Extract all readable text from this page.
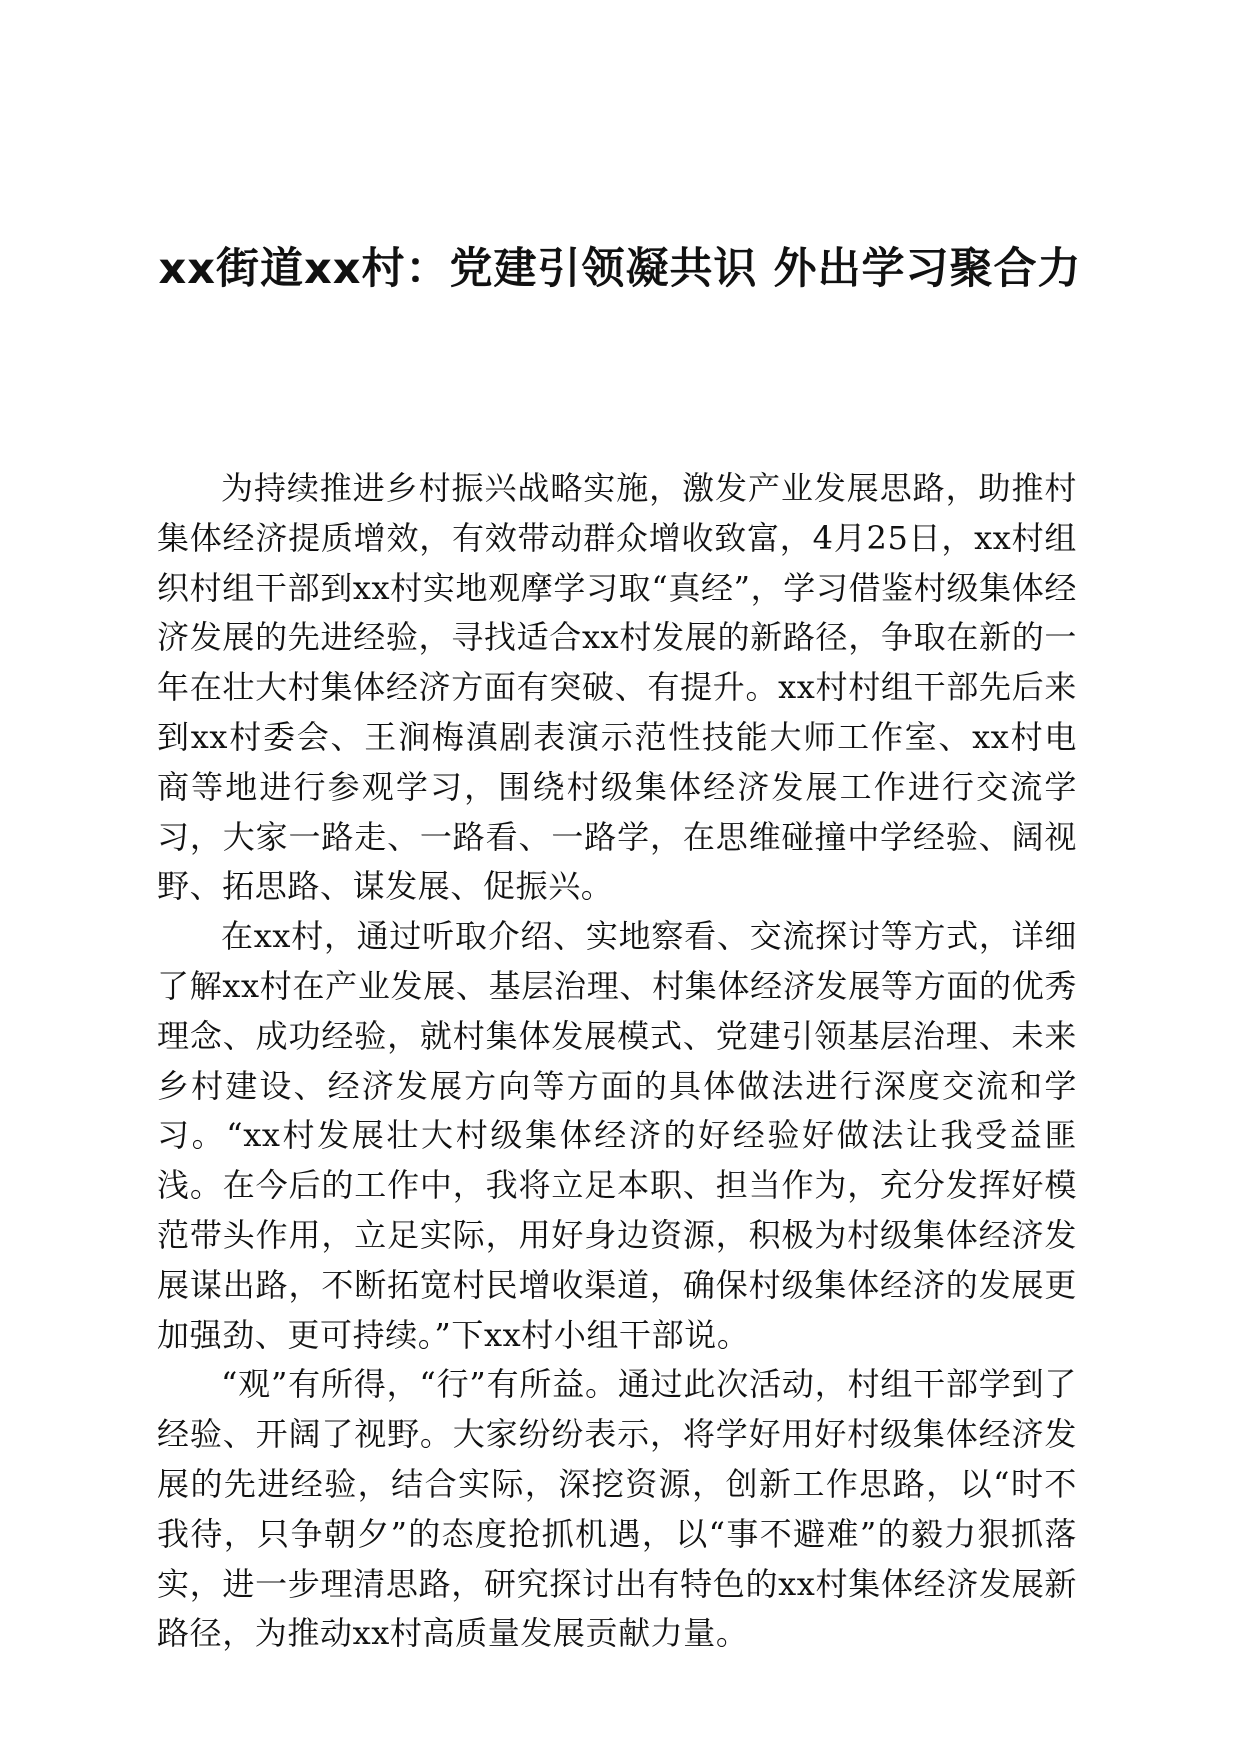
xx街道xx村：党建引领凝共识 外出学习聚合力

为持续推进乡村振兴战略实施，激发产业发展思路，助推村集体经济提质增效，有效带动群众增收致富，4月25日，xx村组织村组干部到xx村实地观摩学习取“真经”，学习借鉴村级集体经济发展的先进经验，寻找适合xx村发展的新路径，争取在新的一年在壮大村集体经济方面有突破、有提升。xx村村组干部先后来到xx村委会、王涧梅滇剧表演示范性技能大师工作室、xx村电商等地进行参观学习，围绕村级集体经济发展工作进行交流学习，大家一路走、一路看、一路学，在思维碰撞中学经验、阔视野、拓思路、谋发展、促振兴。

在xx村，通过听取介绍、实地察看、交流探讨等方式，详细了解xx村在产业发展、基层治理、村集体经济发展等方面的优秀理念、成功经验，就村集体发展模式、党建引领基层治理、未来乡村建设、经济发展方向等方面的具体做法进行深度交流和学习。“xx村发展壮大村级集体经济的好经验好做法让我受益匪浅。在今后的工作中，我将立足本职、担当作为，充分发挥好模范带头作用，立足实际，用好身边资源，积极为村级集体经济发展谋出路，不断拓宽村民增收渠道，确保村级集体经济的发展更加强劲、更可持续。”下xx村小组干部说。

“观”有所得，“行”有所益。通过此次活动，村组干部学到了经验、开阔了视野。大家纷纷表示，将学好用好村级集体经济发展的先进经验，结合实际，深挖资源，创新工作思路，以“时不我待，只争朝夕”的态度抢抓机遇，以“事不避难”的毅力狠抓落实，进一步理清思路，研究探讨出有特色的xx村集体经济发展新路径，为推动xx村高质量发展贡献力量。
